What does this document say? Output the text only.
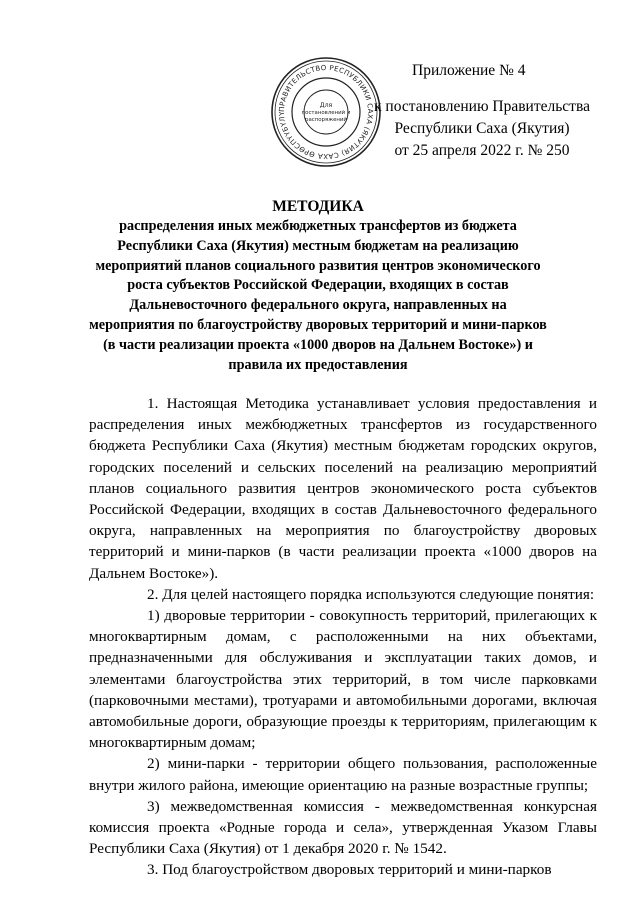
ПРАВИТЕЛЬСТВО РЕСПУБЛИКИ САХА (ЯКУТИЯ) САХА ӨРӨСПҮҮБҮЛҮ
Для
постановлений и
распоряжений
Приложение № 4
к постановлению Правительства
Республики Саха (Якутия)
от 25 апреля 2022 г. № 250
МЕТОДИКА
распределения иных межбюджетных трансфертов из бюджета Республики Саха (Якутия) местным бюджетам на реализацию мероприятий планов социального развития центров экономического роста субъектов Российской Федерации, входящих в состав Дальневосточного федерального округа, направленных на мероприятия по благоустройству дворовых территорий и мини-парков (в части реализации проекта «1000 дворов на Дальнем Востоке») и правила их предоставления

1. Настоящая Методика устанавливает условия предоставления и распределения иных межбюджетных трансфертов из государственного бюджета Республики Саха (Якутия) местным бюджетам городских округов, городских поселений и сельских поселений на реализацию мероприятий планов социального развития центров экономического роста субъектов Российской Федерации, входящих в состав Дальневосточного федерального округа, направленных на мероприятия по благоустройству дворовых территорий и мини-парков (в части реализации проекта «1000 дворов на Дальнем Востоке»).

2. Для целей настоящего порядка используются следующие понятия:

1) дворовые территории - совокупность территорий, прилегающих к многоквартирным домам, с расположенными на них объектами, предназначенными для обслуживания и эксплуатации таких домов, и элементами благоустройства этих территорий, в том числе парковками (парковочными местами), тротуарами и автомобильными дорогами, включая автомобильные дороги, образующие проезды к территориям, прилегающим к многоквартирным домам;

2) мини-парки - территории общего пользования, расположенные внутри жилого района, имеющие ориентацию на разные возрастные группы;

3) межведомственная комиссия - межведомственная конкурсная комиссия проекта «Родные города и села», утвержденная Указом Главы Республики Саха (Якутия) от 1 декабря 2020 г. № 1542.

3. Под благоустройством дворовых территорий и мини-парков
